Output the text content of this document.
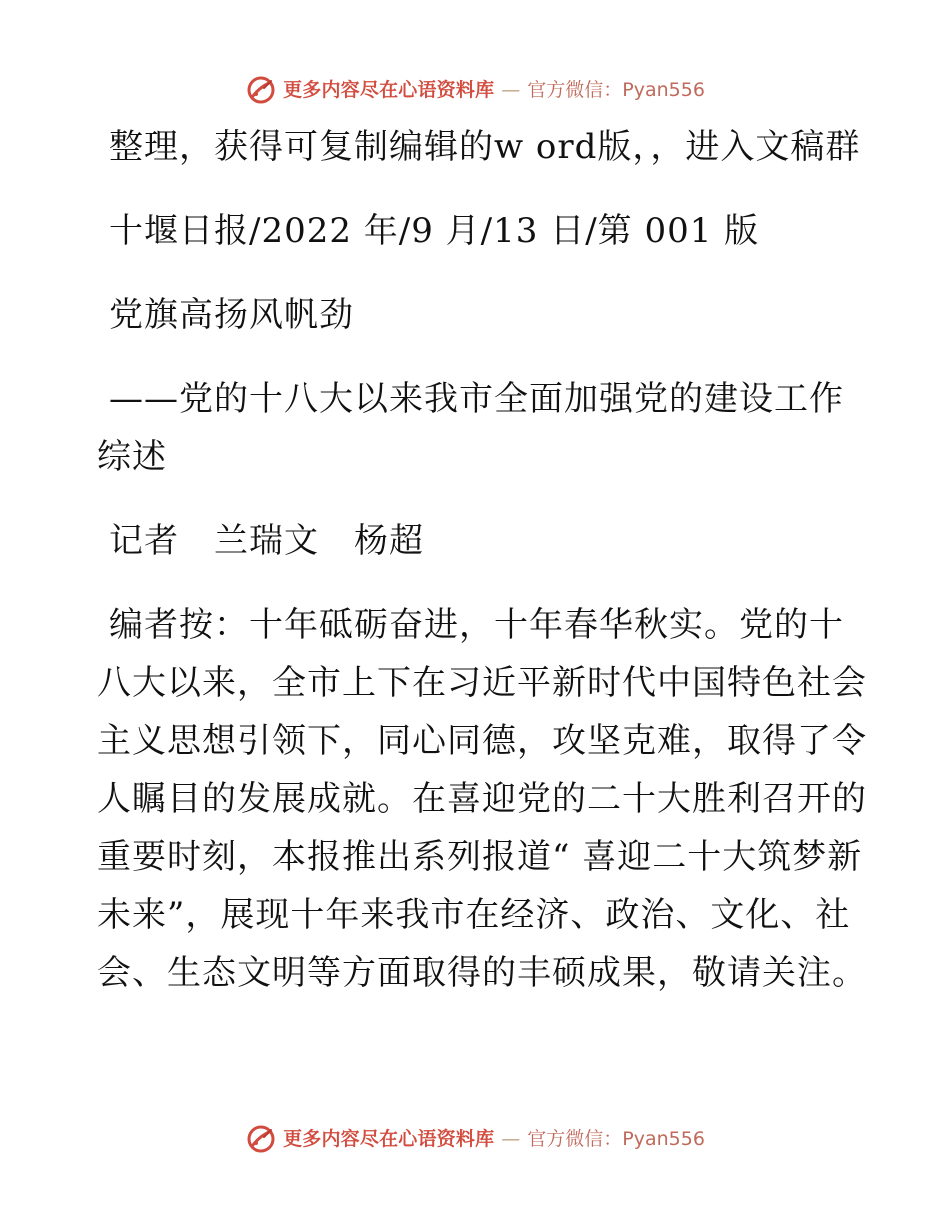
更多内容尽在心语资料库 — 官方微信：Pyan556

整理，获得可复制编辑的w ord版，，进入文稿群

十堰日报/2022 年/9 月/13 日/第 001 版

党旗高扬风帆劲

——党的十八大以来我市全面加强党的建设工作综述

记者　兰瑞文　杨超

编者按：十年砥砺奋进，十年春华秋实。党的十八大以来，全市上下在习近平新时代中国特色社会主义思想引领下，同心同德，攻坚克难，取得了令人瞩目的发展成就。在喜迎党的二十大胜利召开的重要时刻，本报推出系列报道“ 喜迎二十大筑梦新未来”，展现十年来我市在经济、政治、文化、社会、生态文明等方面取得的丰硕成果，敬请关注。

更多内容尽在心语资料库 — 官方微信：Pyan556
